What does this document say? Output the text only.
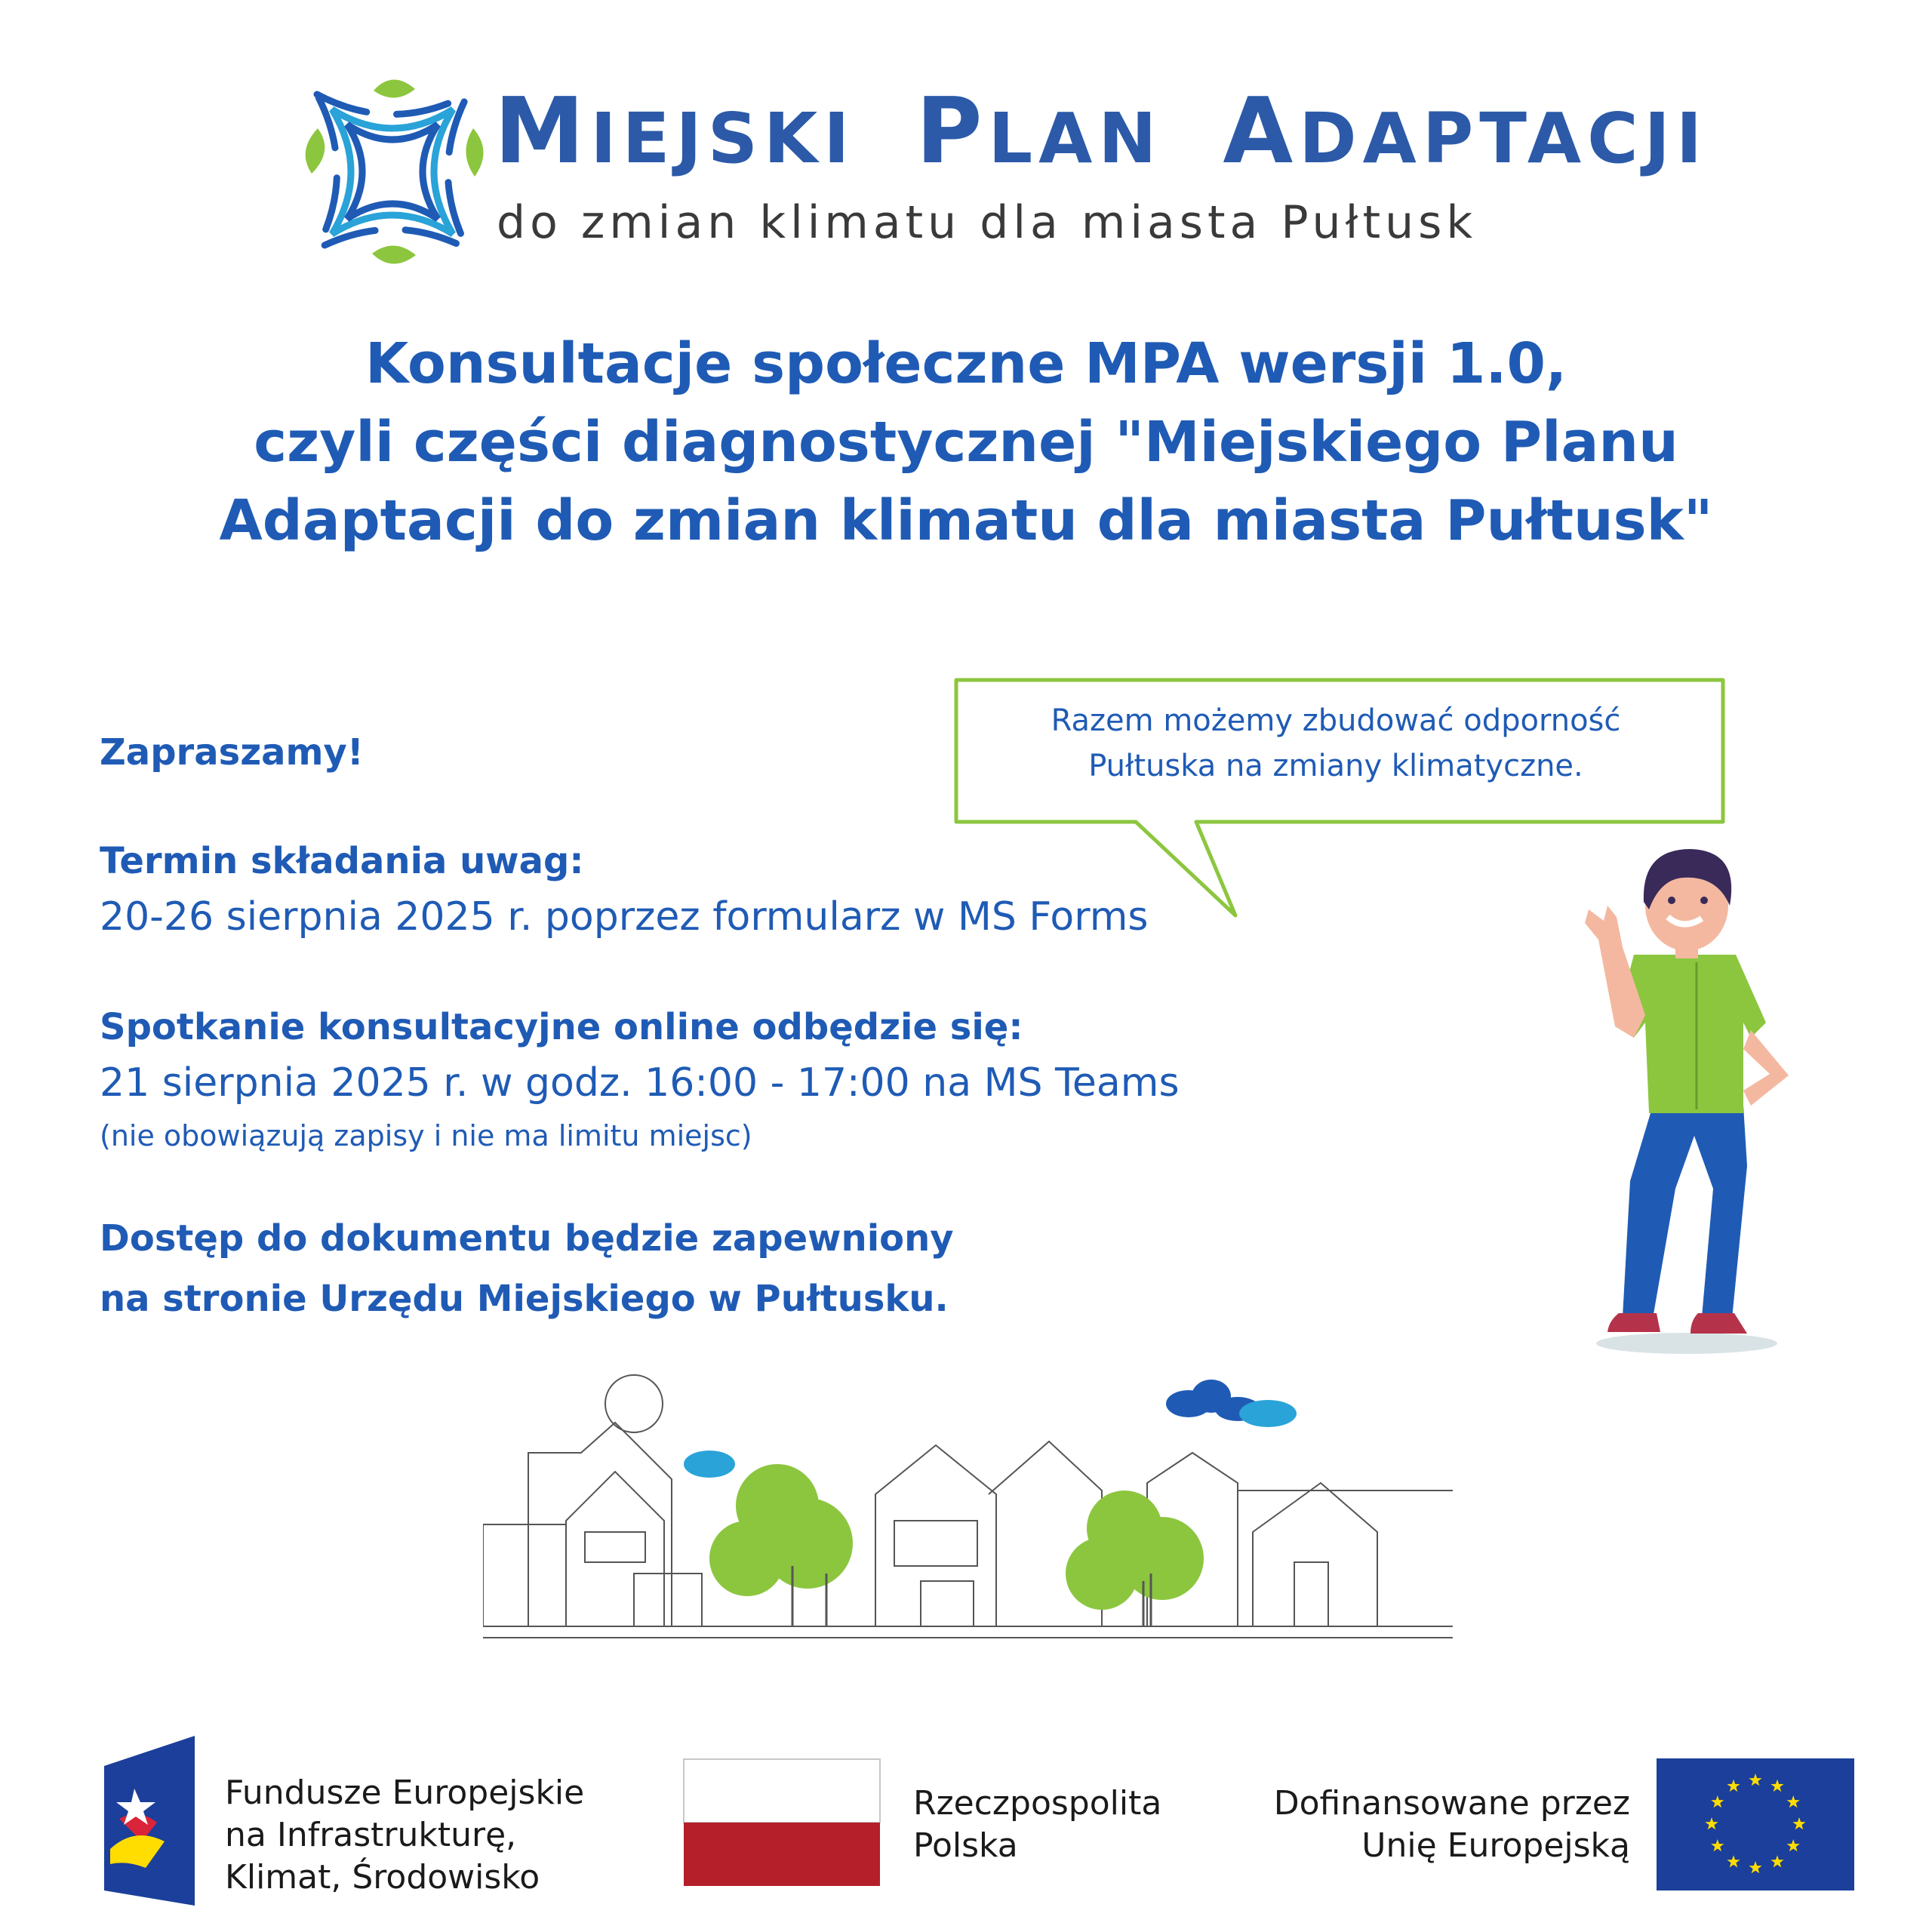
MIEJSKI PLAN ADAPTACJI
do zmian klimatu dla miasta Pułtusk
Konsultacje społeczne MPA wersji 1.0,
czyli części diagnostycznej "Miejskiego Planu
Adaptacji do zmian klimatu dla miasta Pułtusk"
Zapraszamy!
Termin składania uwag:
20-26 sierpnia 2025 r. poprzez formularz w MS Forms
Spotkanie konsultacyjne online odbędzie się:
21 sierpnia 2025 r. w godz. 16:00 - 17:00 na MS Teams
(nie obowiązują zapisy i nie ma limitu miejsc)
Dostęp do dokumentu będzie zapewniony
na stronie Urzędu Miejskiego w Pułtusku.
Razem możemy zbudować odporność
Pułtuska na zmiany klimatyczne.
Fundusze Europejskie
na Infrastrukturę,
Klimat, Środowisko
Rzeczpospolita
Polska
Dofinansowane przez
Unię Europejską
